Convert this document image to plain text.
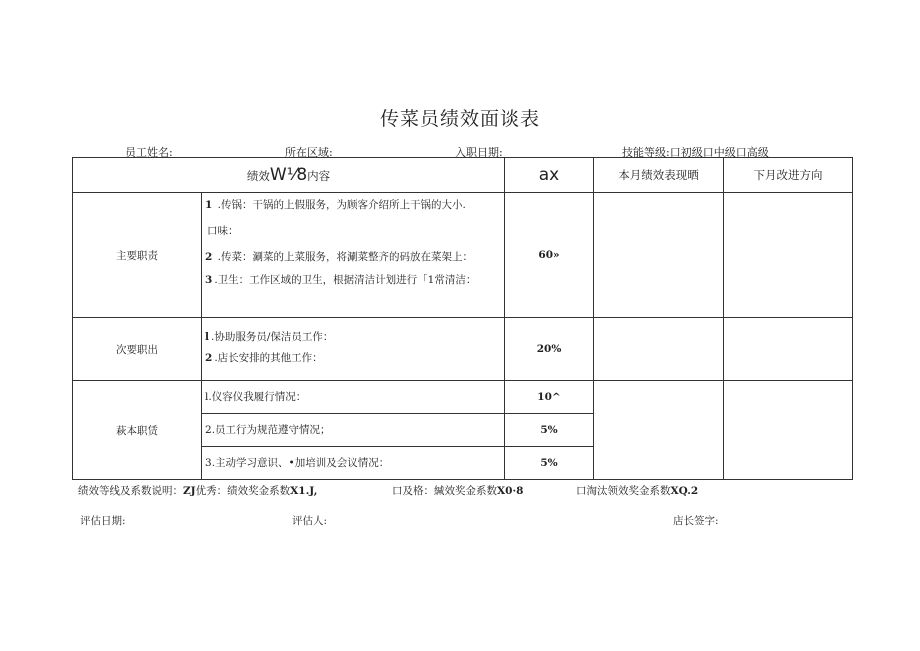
传菜员绩效面谈表
员工姓名:	所在区域:	入职日期:	技能等级:口初级口中级口高级
绩效W⅟8内容		ax	本月绩效表现晒	下月改进方向
主要职责	1 .传锅：干锅的上假服务，为顾客介绍所上干锅的大小.
口味：
2 .传菜：涮菜的上菜服务，将涮菜整齐的码放在菜架上：
3 .卫生：工作区域的卫生，根据清洁计划进行「1常清洁：	60»		
次要职出	l .协助服务员/保洁员工作：
2 .店长安排的其他工作：	20%		
萩本职赁	l.仪容仪我履行情况：	10^		
	2.员工行为规范遵守情况；	5%		
	3.主动学习意识、•加培训及会议情况：	5%		
绩效等线及系数说明：ZJ优秀：绩效奖金系数X1.J,	口及格：緘效奖金系数X0·8	口淘汰领效奖金系数XQ.2
评估日期:	评估人:	店长签字:
